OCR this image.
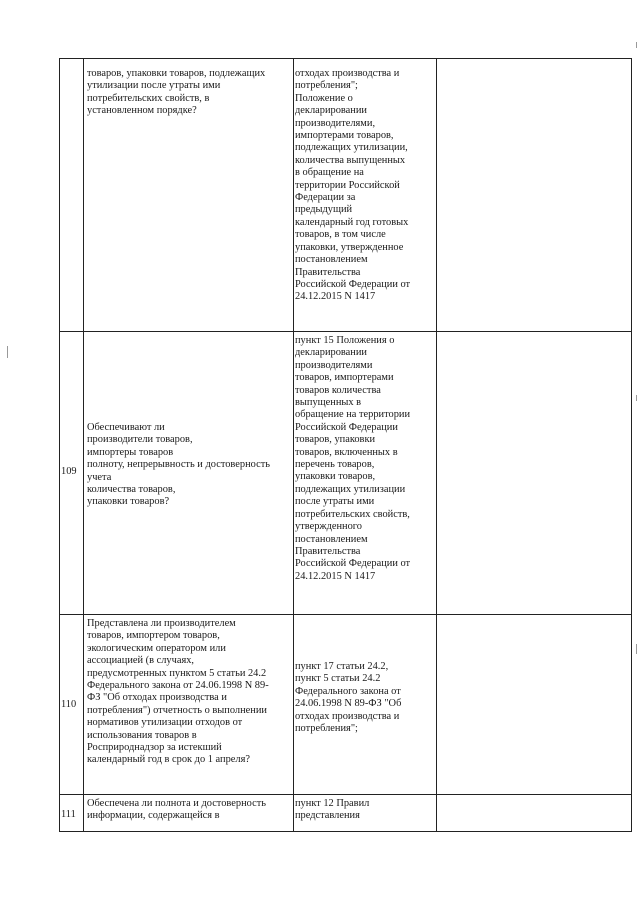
товаров, упаковки товаров, подлежащих
утилизации после утраты ими
потребительских свойств, в
установленном порядке?
отходах производства и
потребления";
Положение о
декларировании
производителями,
импортерами товаров,
подлежащих утилизации,
количества выпущенных
в обращение на
территории Российской
Федерации за
предыдущий
календарный год готовых
товаров, в том числе
упаковки, утвержденное
постановлением
Правительства
Российской Федерации от
24.12.2015 N 1417
109
Обеспечивают ли
производители товаров,
импортеры товаров
полноту, непрерывность и достоверность
учета
количества товаров,
упаковки товаров?
пункт 15 Положения о
декларировании
производителями
товаров, импортерами
товаров количества
выпущенных в
обращение на территории
Российской Федерации
товаров, упаковки
товаров, включенных в
перечень товаров,
упаковки товаров,
подлежащих утилизации
после утраты ими
потребительских свойств,
утвержденного
постановлением
Правительства
Российской Федерации от
24.12.2015 N 1417
110
Представлена ли производителем
товаров, импортером товаров,
экологическим оператором или
ассоциацией (в случаях,
предусмотренных пунктом 5 статьи 24.2
Федерального закона от 24.06.1998 N 89-
ФЗ "Об отходах производства и
потребления") отчетность о выполнении
нормативов утилизации отходов от
использования товаров в
Росприроднадзор за истекший
календарный год в срок до 1 апреля?
пункт 17 статьи 24.2,
пункт 5 статьи 24.2
Федерального закона от
24.06.1998 N 89-ФЗ "Об
отходах производства и
потребления";
111
Обеспечена ли полнота и достоверность
информации, содержащейся в
пункт 12 Правил
представления
